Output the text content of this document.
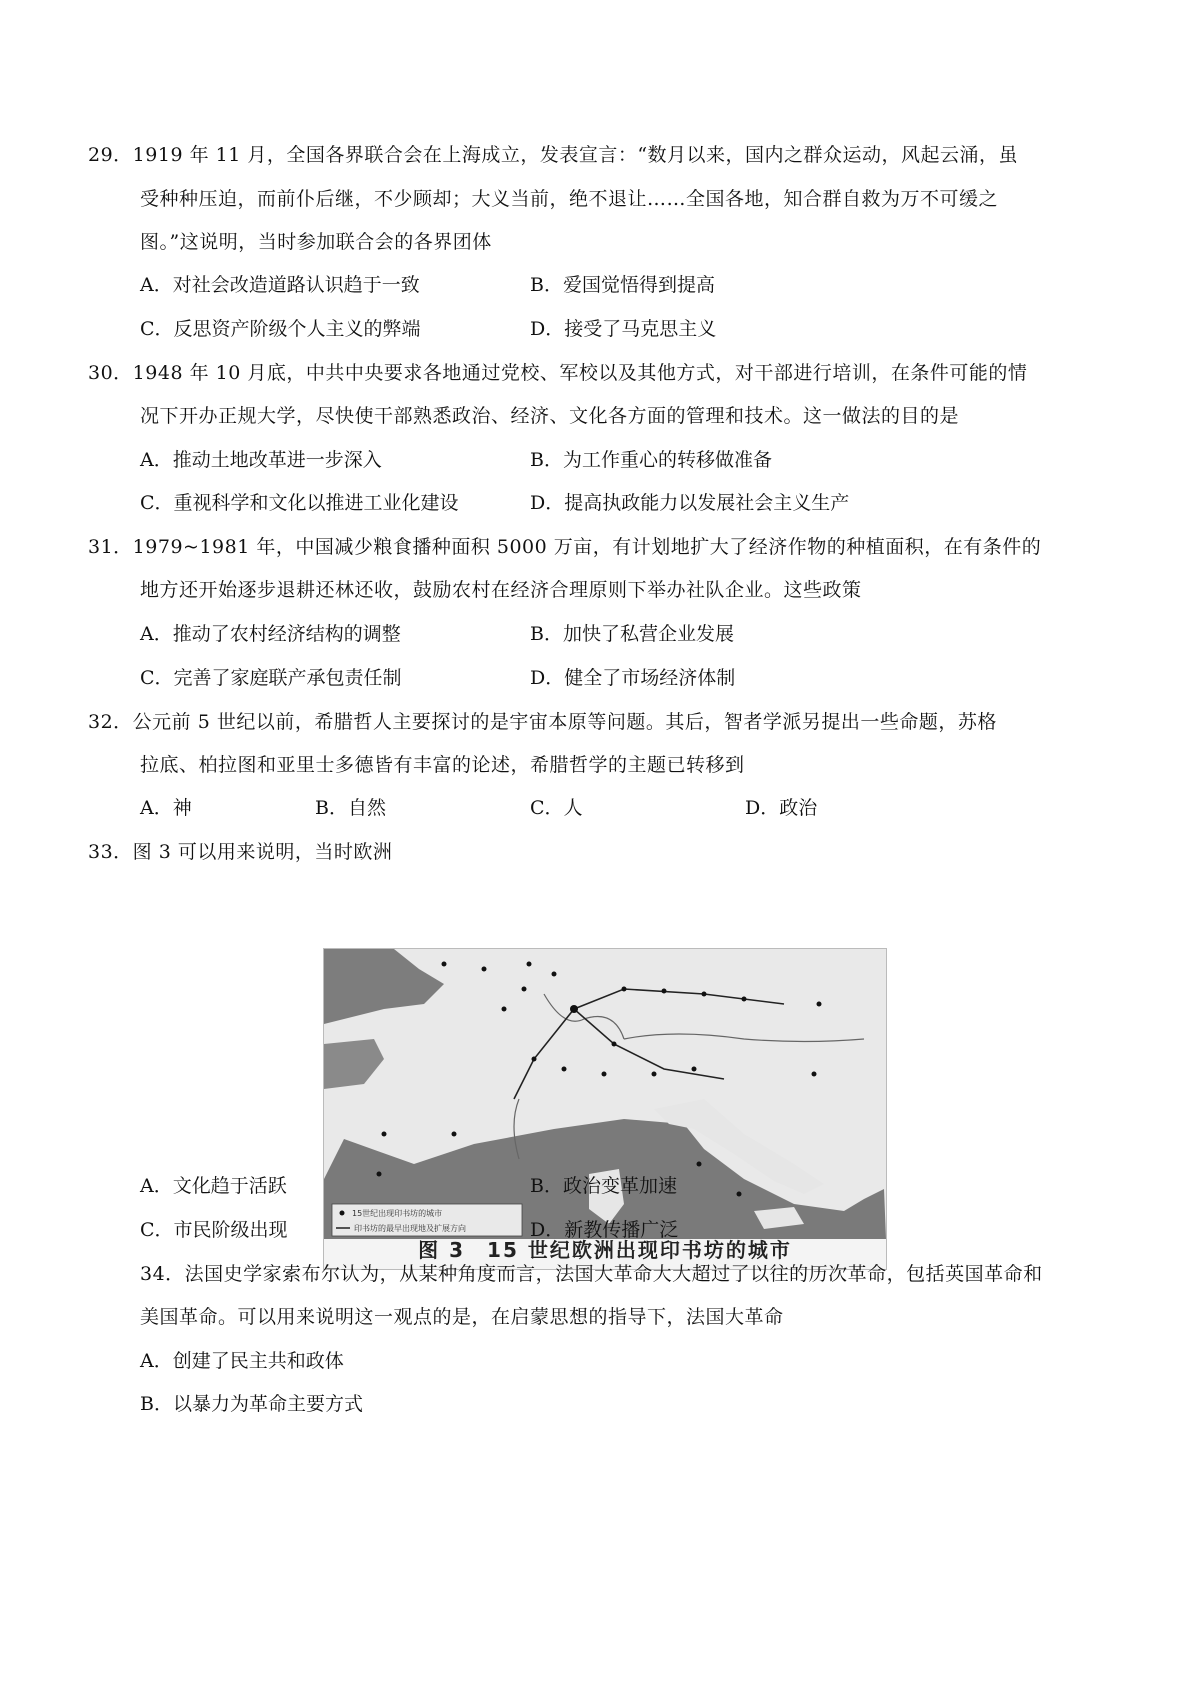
29．1919 年 11 月，全国各界联合会在上海成立，发表宣言：“数月以来，国内之群众运动，风起云涌，虽
受种种压迫，而前仆后继，不少顾却；大义当前，绝不退让……全国各地，知合群自救为万不可缓之
图。”这说明，当时参加联合会的各界团体
A．对社会改造道路认识趋于一致	B．爱国觉悟得到提高
C．反思资产阶级个人主义的弊端	D．接受了马克思主义
30．1948 年 10 月底，中共中央要求各地通过党校、军校以及其他方式，对干部进行培训，在条件可能的情
况下开办正规大学，尽快使干部熟悉政治、经济、文化各方面的管理和技术。这一做法的目的是
A．推动土地改革进一步深入	B．为工作重心的转移做准备
C．重视科学和文化以推进工业化建设	D．提高执政能力以发展社会主义生产
31．1979~1981 年，中国减少粮食播种面积 5000 万亩，有计划地扩大了经济作物的种植面积，在有条件的
地方还开始逐步退耕还林还收，鼓励农村在经济合理原则下举办社队企业。这些政策
A．推动了农村经济结构的调整	B．加快了私营企业发展
C．完善了家庭联产承包责任制	D．健全了市场经济体制
32．公元前 5 世纪以前，希腊哲人主要探讨的是宇宙本原等问题。其后，智者学派另提出一些命题，苏格
拉底、柏拉图和亚里士多德皆有丰富的论述，希腊哲学的主题已转移到
A．神	B．自然	C．人	D．政治
33．图 3 可以用来说明，当时欧洲
15世纪出现印书坊的城市
印书坊的最早出现地及扩展方向
图 3　15 世纪欧洲出现印书坊的城市
A．文化趋于活跃	B．政治变革加速
C．市民阶级出现	D．新教传播广泛
34．法国史学家索布尔认为，从某种角度而言，法国大革命大大超过了以往的历次革命，包括英国革命和
美国革命。可以用来说明这一观点的是，在启蒙思想的指导下，法国大革命
A．创建了民主共和政体
B．以暴力为革命主要方式
